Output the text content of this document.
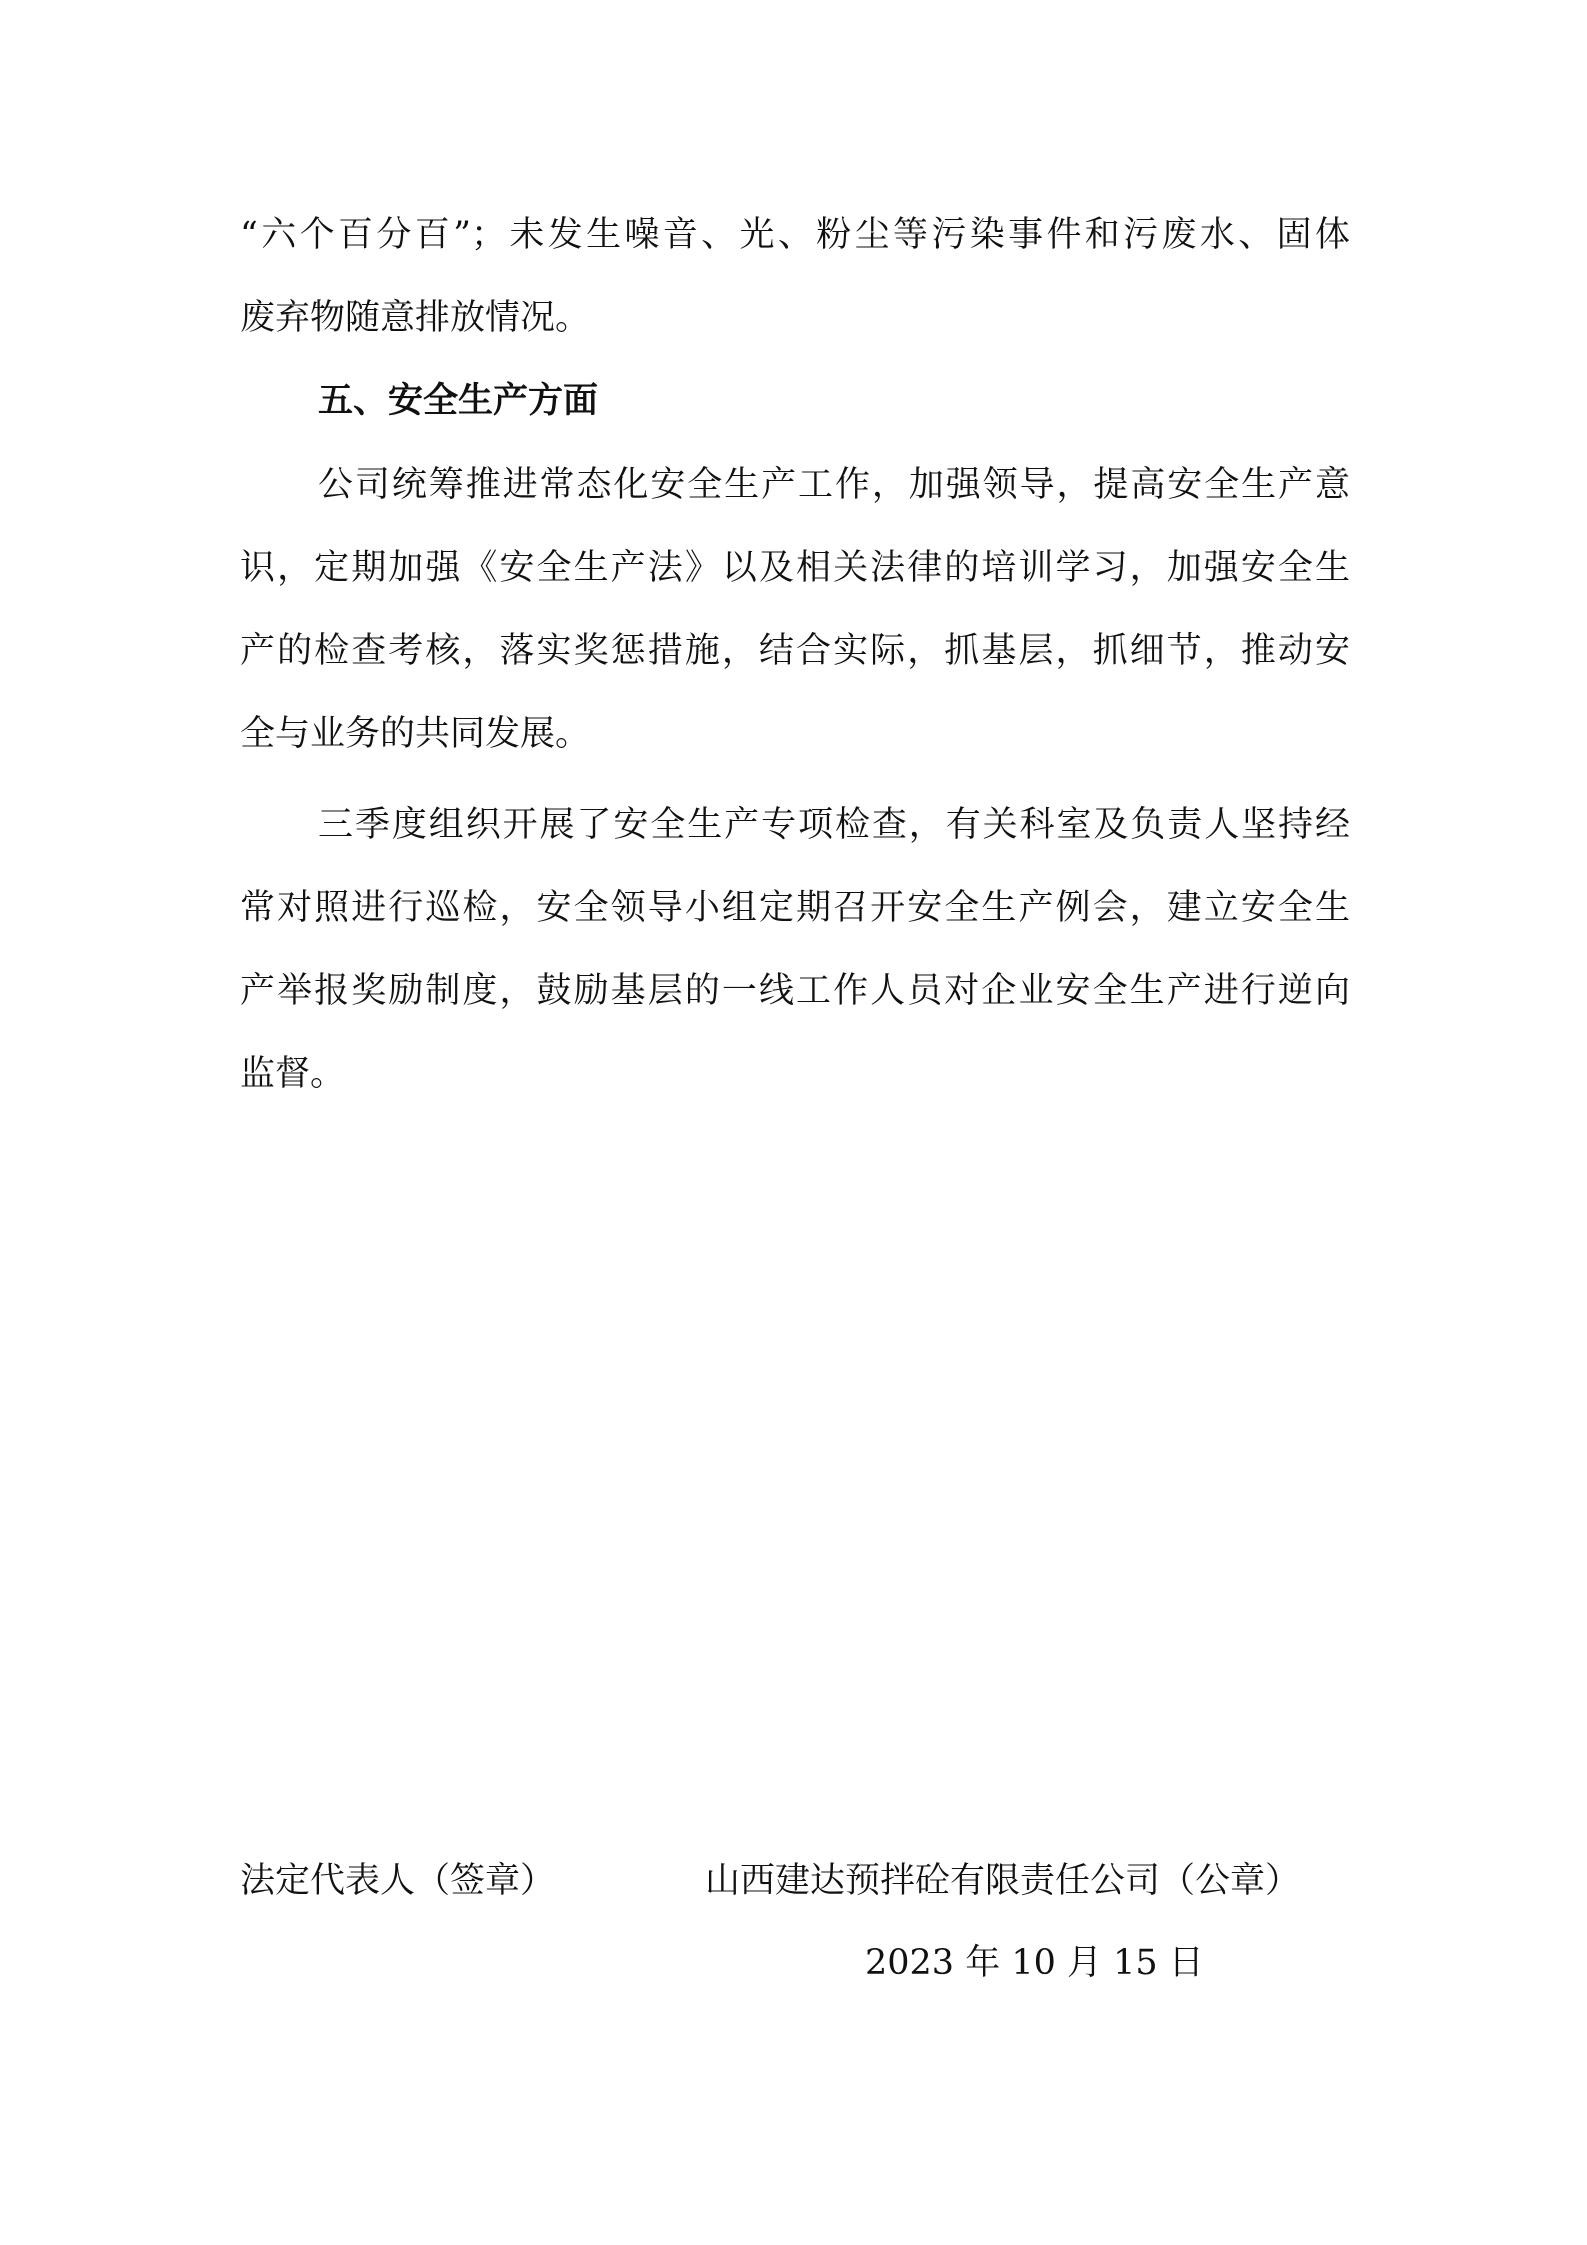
“六个百分百”；未发生噪音、光、粉尘等污染事件和污废水、固体
废弃物随意排放情况。
五、安全生产方面
公司统筹推进常态化安全生产工作，加强领导，提高安全生产意
识，定期加强《安全生产法》以及相关法律的培训学习，加强安全生
产的检查考核，落实奖惩措施，结合实际，抓基层，抓细节，推动安
全与业务的共同发展。
三季度组织开展了安全生产专项检查，有关科室及负责人坚持经
常对照进行巡检，安全领导小组定期召开安全生产例会，建立安全生
产举报奖励制度，鼓励基层的一线工作人员对企业安全生产进行逆向
监督。
法定代表人（签章）	山西建达预拌砼有限责任公司（公章）
2023 年 10 月 15 日
